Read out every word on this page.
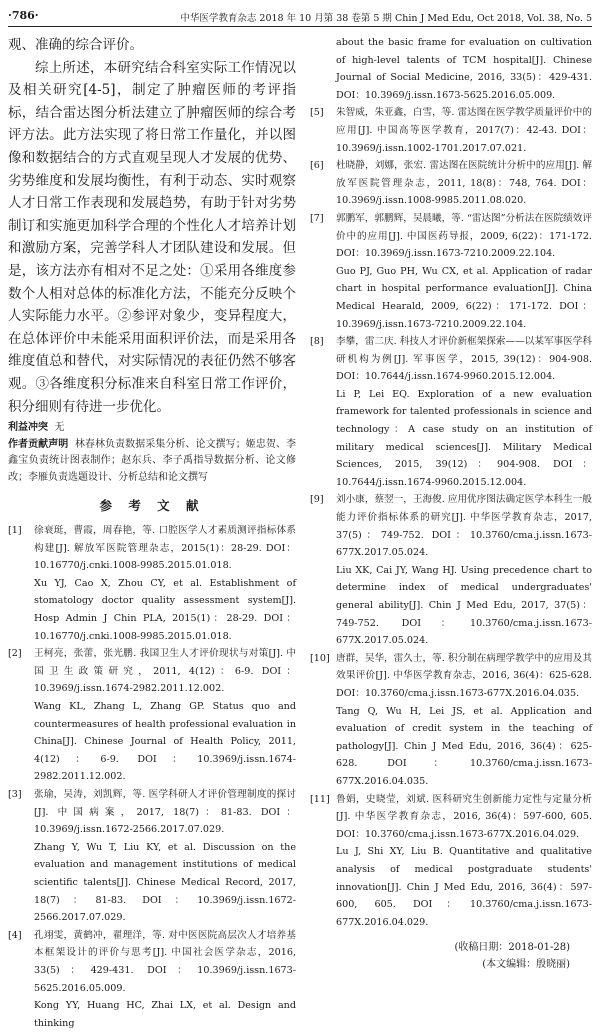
·786·	中华医学教育杂志 2018 年 10 月第 38 卷第 5 期 Chin J Med Edu, Oct 2018, Vol. 38, No. 5

观、准确的综合评价。

综上所述，本研究结合科室实际工作情况以及相关研究[4-5]，制定了肿瘤医师的考评指标，结合雷达图分析法建立了肿瘤医师的综合考评方法。此方法实现了将日常工作量化，并以图像和数据结合的方式直观呈现人才发展的优势、劣势维度和发展均衡性，有利于动态、实时观察人才日常工作表现和发展趋势，有助于针对劣势制订和实施更加科学合理的个性化人才培养计划和激励方案，完善学科人才团队建设和发展。但是，该方法亦有相对不足之处：①采用各维度参数个人相对总体的标准化方法，不能充分反映个人实际能力水平。②参评对象少，变异程度大，在总体评价中未能采用面积评价法，而是采用各维度值总和替代，对实际情况的表征仍然不够客观。③各维度积分标准来自科室日常工作评价，积分细则有待进一步优化。

利益冲突 无

作者贡献声明 林春林负责数据采集分析、论文撰写；姬忠贺、李鑫宝负责统计图表制作；赵东兵、李子禹指导数据分析、论文修改；李雁负责选题设计、分析总结和论文撰写

参 考 文 献
[1]	徐衰珽，曹霞，周春艳，等. 口腔医学人才素质测评指标体系构建[J]. 解放军医院管理杂志，2015(1)：28-29. DOI：10.16770/j.cnki.1008-9985.2015.01.018.
Xu YJ, Cao X, Zhou CY, et al. Establishment of stomatology doctor quality assessment system[J]. Hosp Admin J Chin PLA, 2015(1)：28-29. DOI：10.16770/j.cnki.1008-9985.2015.01.018.
[2]	王柯亮，张蕾，张光鹏. 我国卫生人才评价现状与对策[J]. 中国卫生政策研究，2011, 4(12)：6-9. DOI：10.3969/j.issn.1674-2982.2011.12.002.
Wang KL, Zhang L, Zhang GP. Status quo and countermeasures of health professional evaluation in China[J]. Chinese Journal of Health Policy, 2011, 4(12)：6-9. DOI：10.3969/j.issn.1674-2982.2011.12.002.
[3]	张瑜，吴涛，刘凯辉，等. 医学科研人才评价管理制度的探讨[J]. 中国病案，2017, 18(7)：81-83. DOI：10.3969/j.issn.1672-2566.2017.07.029.
Zhang Y, Wu T, Liu KY, et al. Discussion on the evaluation and management institutions of medical scientific talents[J]. Chinese Medical Record, 2017, 18(7)：81-83. DOI：10.3969/j.issn.1672-2566.2017.07.029.
[4]	孔翊雯，黄鹤冲，翟理洋，等. 对中医医院高层次人才培养基本框架设计的评价与思考[J]. 中国社会医学杂志，2016, 33(5)：429-431. DOI：10.3969/j.issn.1673-5625.2016.05.009.
Kong YY, Huang HC, Zhai LX, et al. Design and thinking
about the basic frame for evaluation on cultivation of high-level talents of TCM hospital[J]. Chinese Journal of Social Medicine, 2016, 33(5)：429-431. DOI：10.3969/j.issn.1673-5625.2016.05.009.
[5]	朱智威，朱亚鑫，白雪，等. 雷达图在医学教学质量评价中的应用[J]. 中国高等医学教育，2017(7)：42-43. DOI：10.3969/j.issn.1002-1701.2017.07.021.
[6]	杜晓静，刘娜，张宏. 雷达图在医院统计分析中的应用[J]. 解放军医院管理杂志，2011, 18(8)：748, 764. DOI：10.3969/j.issn.1008-9985.2011.08.020.
[7]	郭鹏军，郭鹏辉，吴晨曦，等. “雷达图”分析法在医院绩效评价中的应用[J]. 中国医药导报，2009, 6(22)：171-172. DOI：10.3969/j.issn.1673-7210.2009.22.104.
Guo PJ, Guo PH, Wu CX, et al. Application of radar chart in hospital performance evaluation[J]. China Medical Hearald, 2009, 6(22)：171-172. DOI：10.3969/j.issn.1673-7210.2009.22.104.
[8]	李攀，雷二庆. 科技人才评价新框架探索——以某军事医学科研机构为例[J]. 军事医学，2015, 39(12)：904-908. DOI：10.7644/j.issn.1674-9960.2015.12.004.
Li P, Lei EQ. Exploration of a new evaluation framework for talented professionals in science and technology：A case study on an institution of military medical sciences[J]. Military Medical Sciences, 2015, 39(12)：904-908. DOI：10.7644/j.issn.1674-9960.2015.12.004.
[9]	刘小康，蔡翌一，王海俊. 应用优序图法确定医学本科生一般能力评价指标体系的研究[J]. 中华医学教育杂志，2017, 37(5)：749-752. DOI：10.3760/cma.j.issn.1673-677X.2017.05.024.
Liu XK, Cai JY, Wang HJ. Using precedence chart to determine index of medical undergraduates' general ability[J]. Chin J Med Edu, 2017, 37(5)：749-752. DOI：10.3760/cma.j.issn.1673-677X.2017.05.024.
[10] 唐群，吴华，雷久士，等. 积分制在病理学教学中的应用及其效果评价[J]. 中华医学教育杂志，2016, 36(4)：625-628. DOI：10.3760/cma.j.issn.1673-677X.2016.04.035.
Tang Q, Wu H, Lei JS, et al. Application and evaluation of credit system in the teaching of pathology[J]. Chin J Med Edu, 2016, 36(4)：625-628. DOI：10.3760/cma.j.issn.1673-677X.2016.04.035.
[11] 鲁娟，史晓莹，刘斌. 医科研究生创新能力定性与定量分析[J]. 中华医学教育杂志，2016, 36(4)：597-600, 605. DOI：10.3760/cma.j.issn.1673-677X.2016.04.029.
Lu J, Shi XY, Liu B. Quantitative and qualitative analysis of medical postgraduate students' innovation[J]. Chin J Med Edu, 2016, 36(4)：597-600, 605. DOI：10.3760/cma.j.issn.1673-677X.2016.04.029.
(收稿日期：2018-01-28)
(本文编辑：殷晓丽)
